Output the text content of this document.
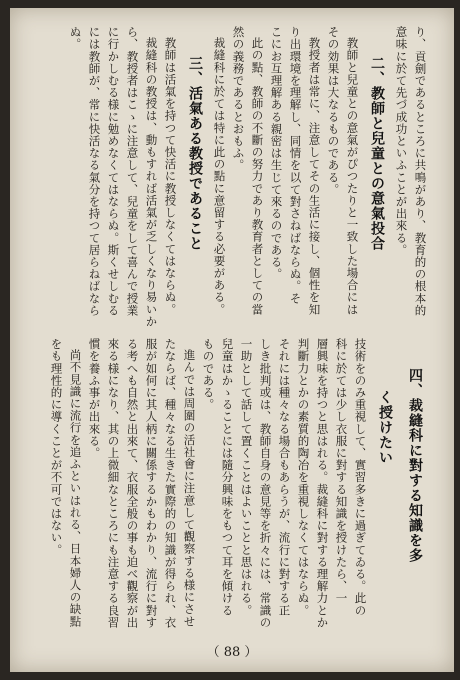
り、貢劍であるところに共鳴があり、教育的の根本的
意味に於て先づ成功といふことが出來る。
二、教師と兒童との意氣投合
教師と兒童との意氣がぴつたりと一致した場合には
その効果は大なるものである。
教授者は常に、注意してその生活に接し、個性を知
り出環境を理解し、同情を以て對さねばならぬ。そ
こにお互理解ある親密は生じて來るのである。
此の點、教師の不斷の努力であり教育者としての當
然の義務であるとおもふ。
裁縫科に於ては特に此の點に意留する必要がある。
三、活氣ある教授であること
教師は活氣を持つて快活に教授しなくてはならぬ。
裁縫科の教授は、動もすれば活氣が乏しくなり易いか
ら、教授者はこゝに注意して、兒童をして喜んで授業
に行かしむる様に勉めなくてはならぬ。斯くせしむる
には教師が、常に快活なる氣分を持つて居らねばなら
ぬ。
四、裁縫科に對する知識を多
く授けたい
技術をのみ重視して、實習多きに過ぎてゐる。此の
科に於ては少し衣服に對する知識を授けたら、一
層興味を持つと思はれる。裁縫科に對する理解力とか
判斷力とかの素質的陶冶を重視しなくてはならぬ。
それには種々なる場合もあらうが、流行に對する正
しき批判或は、教師自身の意見等を折々には、常識の
一助として話して置くことはよいことと思はれる。
兒童はかゝることには隨分興味をもつて耳を傾ける
ものである。
進んでは周圍の活社會に注意して觀察する様にさせ
たならば、種々なる生きた實際的の知識が得られ、衣
服が如何に其人柄に關係するかもわかり、流行に對す
る考へも自然と出來て、衣服全般の事も迫べ觀察が出
來る様になり、其の上微細なところにも注意する良習
慣を養ふ事が出來る。
尚不見識に流行を追ふといはれる、日本婦人の缺點
をも理性的に導くことが不可ではない。
（ 88 ）
